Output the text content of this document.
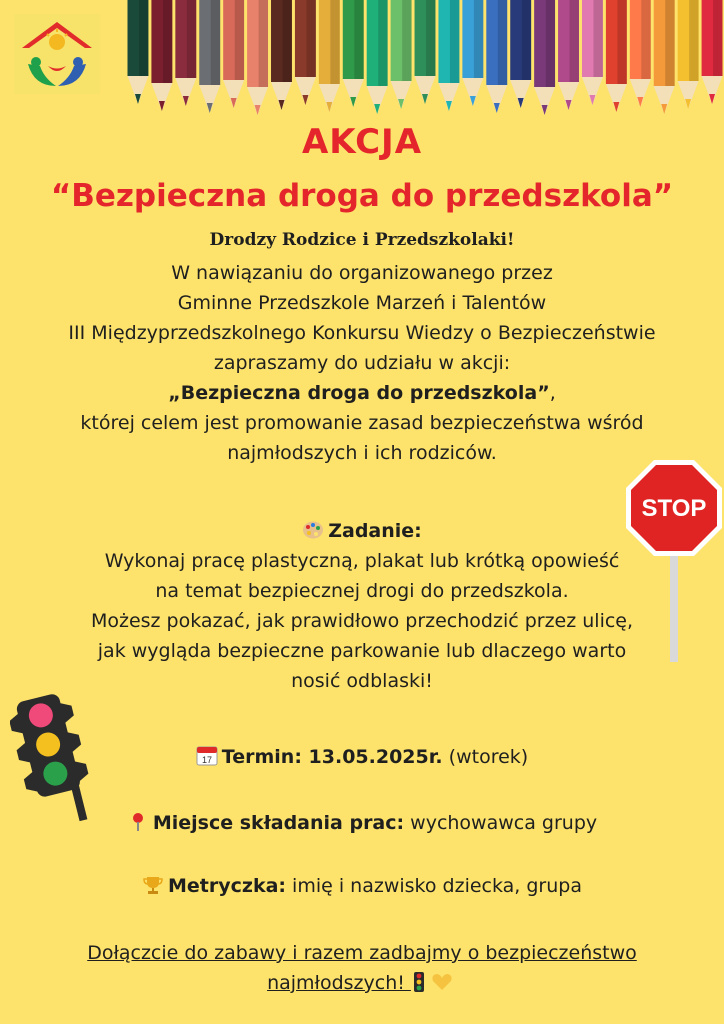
AKCJA
“Bezpieczna droga do przedszkola”
Drodzy Rodzice i Przedszkolaki!
W nawiązaniu do organizowanego przez
Gminne Przedszkole Marzeń i Talentów
III Międzyprzedszkolnego Konkursu Wiedzy o Bezpieczeństwie
zapraszamy do udziału w akcji:
„Bezpieczna droga do przedszkola”,
której celem jest promowanie zasad bezpieczeństwa wśród
najmłodszych i ich rodziców.
STOP
Zadanie:
Wykonaj pracę plastyczną, plakat lub krótką opowieść
na temat bezpiecznej drogi do przedszkola.
Możesz pokazać, jak prawidłowo przechodzić przez ulicę,
jak wygląda bezpieczne parkowanie lub dlaczego warto
nosić odblaski!
17 Termin: 13.05.2025r. (wtorek)
Miejsce składania prac: wychowawca grupy
Metryczka: imię i nazwisko dziecka, grupa
Dołączcie do zabawy i razem zadbajmy o bezpieczeństwo
najmłodszych!
